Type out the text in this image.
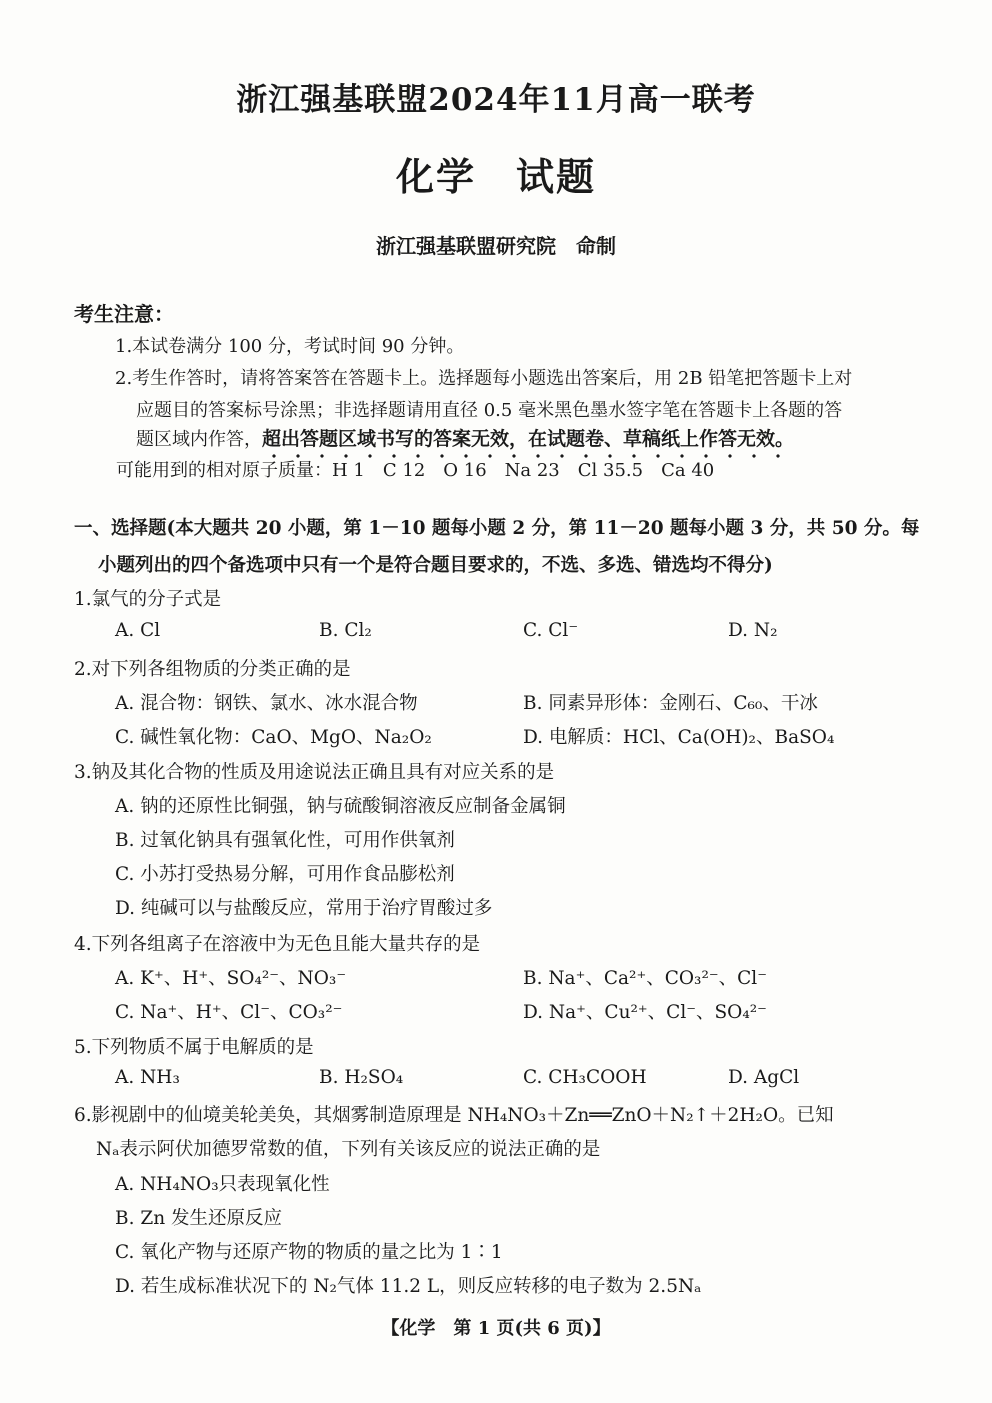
浙江强基联盟2024年11月高一联考
化学　试题
浙江强基联盟研究院　命制
考生注意：
1.本试卷满分 100 分，考试时间 90 分钟。
2.考生作答时，请将答案答在答题卡上。选择题每小题选出答案后，用 2B 铅笔把答题卡上对
应题目的答案标号涂黑；非选择题请用直径 0.5 毫米黑色墨水签字笔在答题卡上各题的答
题区域内作答，超出答题区域书写的答案无效，在试题卷、草稿纸上作答无效。
可能用到的相对原子质量：H 1　C 12　O 16　Na 23　Cl 35.5　Ca 40
一、选择题(本大题共 20 小题，第 1－10 题每小题 2 分，第 11－20 题每小题 3 分，共 50 分。每
小题列出的四个备选项中只有一个是符合题目要求的，不选、多选、错选均不得分)
1.氯气的分子式是
A. Cl	B. Cl₂	C. Cl⁻	D. N₂
2.对下列各组物质的分类正确的是
A. 混合物：钢铁、氯水、冰水混合物	B. 同素异形体：金刚石、C₆₀、干冰
C. 碱性氧化物：CaO、MgO、Na₂O₂	D. 电解质：HCl、Ca(OH)₂、BaSO₄
3.钠及其化合物的性质及用途说法正确且具有对应关系的是
A. 钠的还原性比铜强，钠与硫酸铜溶液反应制备金属铜
B. 过氧化钠具有强氧化性，可用作供氧剂
C. 小苏打受热易分解，可用作食品膨松剂
D. 纯碱可以与盐酸反应，常用于治疗胃酸过多
4.下列各组离子在溶液中为无色且能大量共存的是
A. K⁺、H⁺、SO₄²⁻、NO₃⁻	B. Na⁺、Ca²⁺、CO₃²⁻、Cl⁻
C. Na⁺、H⁺、Cl⁻、CO₃²⁻	D. Na⁺、Cu²⁺、Cl⁻、SO₄²⁻
5.下列物质不属于电解质的是
A. NH₃	B. H₂SO₄	C. CH₃COOH	D. AgCl
6.影视剧中的仙境美轮美奂，其烟雾制造原理是 NH₄NO₃＋Zn══ZnO＋N₂↑＋2H₂O。已知
Nₐ表示阿伏加德罗常数的值，下列有关该反应的说法正确的是
A. NH₄NO₃只表现氧化性
B. Zn 发生还原反应
C. 氧化产物与还原产物的物质的量之比为 1∶1
D. 若生成标准状况下的 N₂气体 11.2 L，则反应转移的电子数为 2.5Nₐ
【化学　第 1 页(共 6 页)】
